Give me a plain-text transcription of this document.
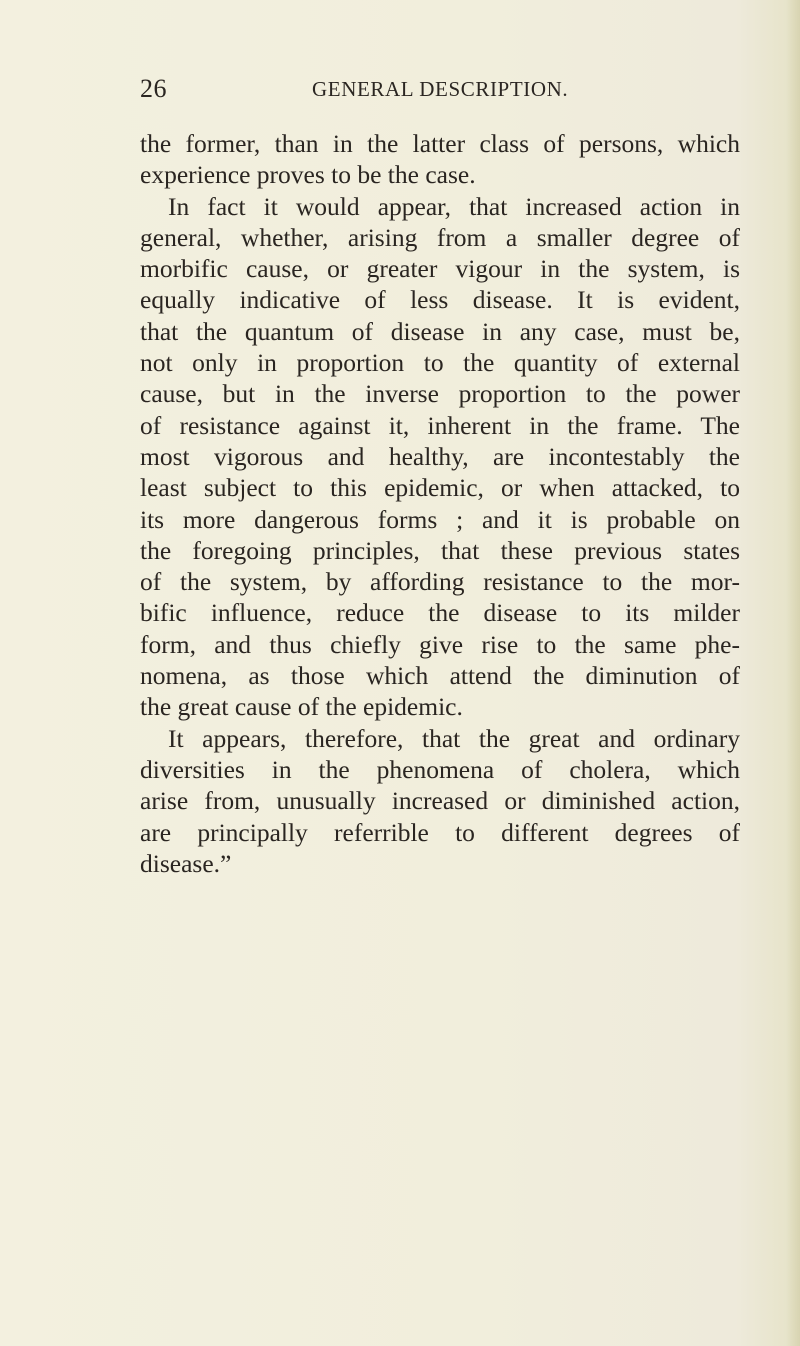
26	GENERAL DESCRIPTION.
the former, than in the latter class of persons, which
experience proves to be the case.
In fact it would appear, that increased action in
general, whether, arising from a smaller degree of
morbific cause, or greater vigour in the system, is
equally indicative of less disease. It is evident,
that the quantum of disease in any case, must be,
not only in proportion to the quantity of external
cause, but in the inverse proportion to the power
of resistance against it, inherent in the frame. The
most vigorous and healthy, are incontestably the
least subject to this epidemic, or when attacked, to
its more dangerous forms ; and it is probable on
the foregoing principles, that these previous states
of the system, by affording resistance to the mor-
bific influence, reduce the disease to its milder
form, and thus chiefly give rise to the same phe-
nomena, as those which attend the diminution of
the great cause of the epidemic.
It appears, therefore, that the great and ordinary
diversities in the phenomena of cholera, which
arise from, unusually increased or diminished action,
are principally referrible to different degrees of
disease.”
